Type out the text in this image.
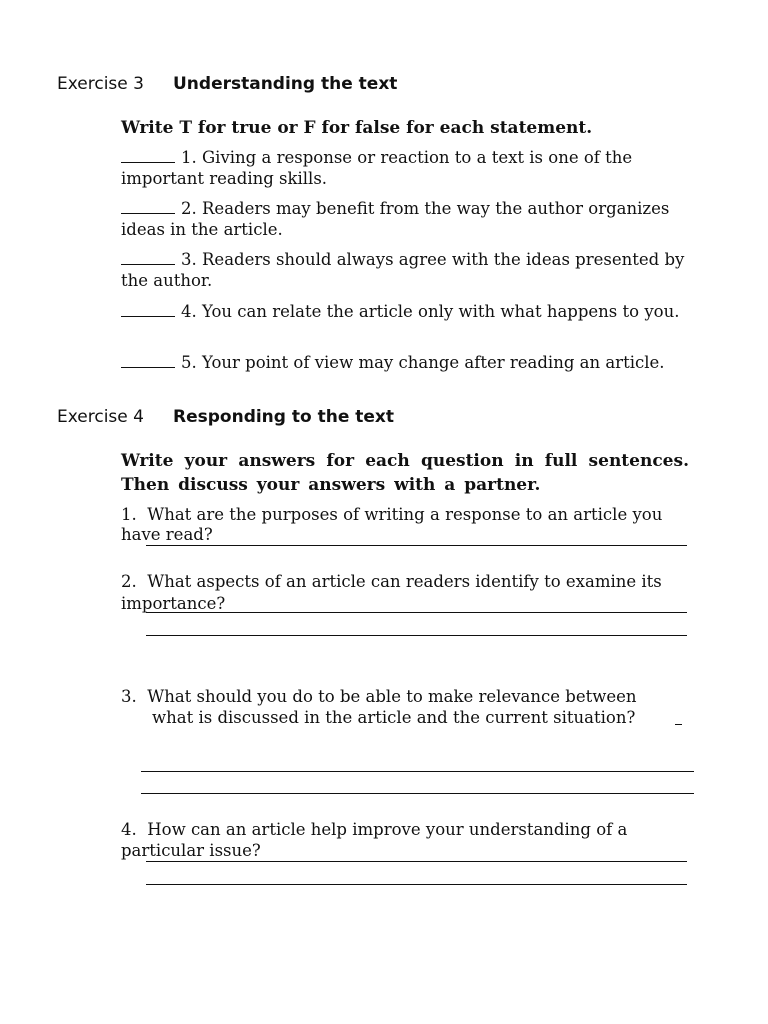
Exercise 3 Understanding the text
Write T for true or F for false for each statement.
1. Giving a response or reaction to a text is one of the important reading skills.
2. Readers may benefit from the way the author organizes ideas in the article.
3. Readers should always agree with the ideas presented by the author.
4. You can relate the article only with what happens to you.
5. Your point of view may change after reading an article.
Exercise 4 Responding to the text
Write your answers for each question in full sentences.
Then discuss your answers with a partner.
1. What are the purposes of writing a response to an article you
have read?
2. What aspects of an article can readers identify to examine its
importance?
3. What should you do to be able to make relevance between
what is discussed in the article and the current situation?
4. How can an article help improve your understanding of a
particular issue?
